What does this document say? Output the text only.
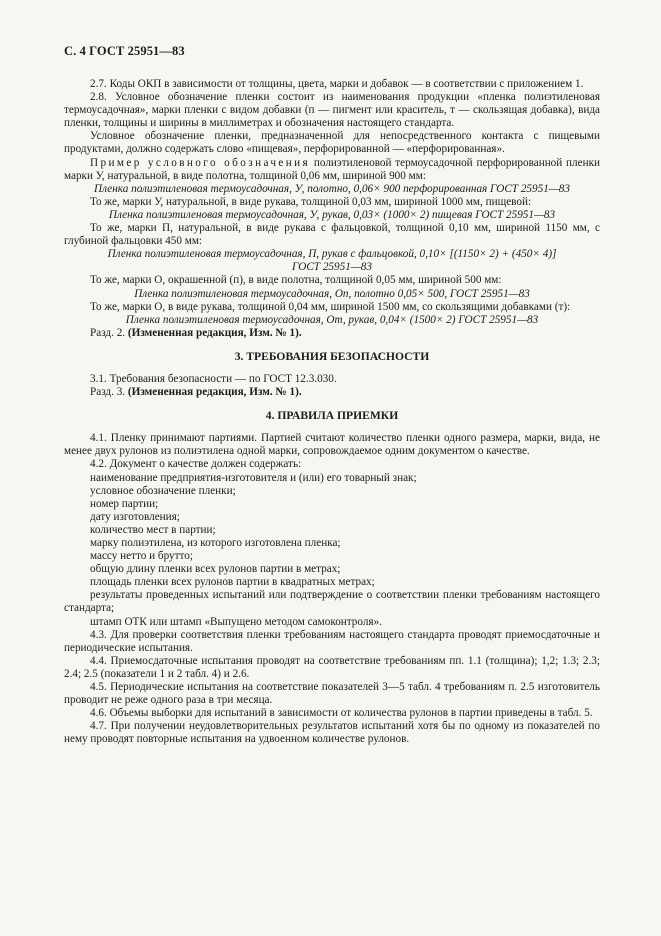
С. 4 ГОСТ 25951—83

2.7. Коды ОКП в зависимости от толщины, цвета, марки и добавок — в соответствии с приложением 1.

2.8. Условное обозначение пленки состоит из наименования продукции «пленка полиэтиленовая термоусадочная», марки пленки с видом добавки (п — пигмент или краситель, т — скользящая добавка), вида пленки, толщины и ширины в миллиметрах и обозначения настоящего стандарта.

Условное обозначение пленки, предназначенной для непосредственного контакта с пищевыми продуктами, должно содержать слово «пищевая», перфорированной — «перфорированная».

Пример условного обозначения полиэтиленовой термоусадочной перфорированной пленки марки У, натуральной, в виде полотна, толщиной 0,06 мм, шириной 900 мм:

Пленка полиэтиленовая термоусадочная, У, полотно, 0,06× 900 перфорированная ГОСТ 25951—83

То же, марки У, натуральной, в виде рукава, толщиной 0,03 мм, шириной 1000 мм, пищевой:

Пленка полиэтиленовая термоусадочная, У, рукав, 0,03× (1000× 2) пищевая ГОСТ 25951—83

То же, марки П, натуральной, в виде рукава с фальцовкой, толщиной 0,10 мм, шириной 1150 мм, с глубиной фальцовки 450 мм:

Пленка полиэтиленовая термоусадочная, П, рукав с фальцовкой, 0,10× [(1150× 2) + (450× 4)]

ГОСТ 25951—83

То же, марки О, окрашенной (п), в виде полотна, толщиной 0,05 мм, шириной 500 мм:

Пленка полиэтиленовая термоусадочная, Оп, полотно 0,05× 500, ГОСТ 25951—83

То же, марки О, в виде рукава, толщиной 0,04 мм, шириной 1500 мм, со скользящими добавками (т):

Пленка полиэтиленовая термоусадочная, От, рукав, 0,04× (1500× 2) ГОСТ 25951—83

Разд. 2. (Измененная редакция, Изм. № 1).

3. ТРЕБОВАНИЯ БЕЗОПАСНОСТИ

3.1. Требования безопасности — по ГОСТ 12.3.030.

Разд. 3. (Измененная редакция, Изм. № 1).

4. ПРАВИЛА ПРИЕМКИ

4.1. Пленку принимают партиями. Партией считают количество пленки одного размера, марки, вида, не менее двух рулонов из полиэтилена одной марки, сопровождаемое одним документом о качестве.

4.2. Документ о качестве должен содержать:

наименование предприятия-изготовителя и (или) его товарный знак;

условное обозначение пленки;

номер партии;

дату изготовления;

количество мест в партии;

марку полиэтилена, из которого изготовлена пленка;

массу нетто и брутто;

общую длину пленки всех рулонов партии в метрах;

площадь пленки всех рулонов партии в квадратных метрах;

результаты проведенных испытаний или подтверждение о соответствии пленки требованиям настоящего стандарта;

штамп ОТК или штамп «Выпущено методом самоконтроля».

4.3. Для проверки соответствия пленки требованиям настоящего стандарта проводят приемосдаточные и периодические испытания.

4.4. Приемосдаточные испытания проводят на соответствие требованиям пп. 1.1 (толщина); 1,2; 1.3; 2.3; 2.4; 2.5 (показатели 1 и 2 табл. 4) и 2.6.

4.5. Периодические испытания на соответствие показателей 3—5 табл. 4 требованиям п. 2.5 изготовитель проводит не реже одного раза в три месяца.

4.6. Объемы выборки для испытаний в зависимости от количества рулонов в партии приведены в табл. 5.

4.7. При получении неудовлетворительных результатов испытаний хотя бы по одному из показателей по нему проводят повторные испытания на удвоенном количестве рулонов.
